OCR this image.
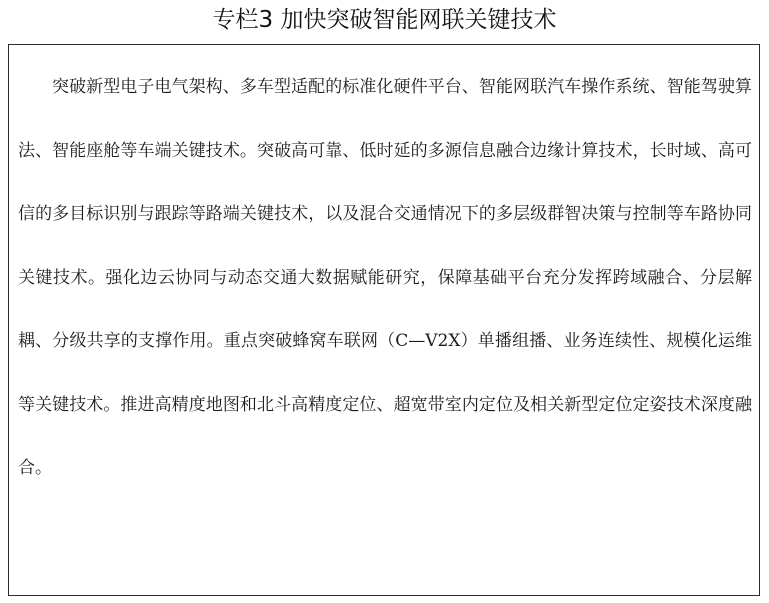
专栏3 加快突破智能网联关键技术

突破新型电子电气架构、多车型适配的标准化硬件平台、智能网联汽车操作系统、智能驾驶算法、智能座舱等车端关键技术。突破高可靠、低时延的多源信息融合边缘计算技术，长时域、高可信的多目标识别与跟踪等路端关键技术，以及混合交通情况下的多层级群智决策与控制等车路协同关键技术。强化边云协同与动态交通大数据赋能研究，保障基础平台充分发挥跨域融合、分层解耦、分级共享的支撑作用。重点突破蜂窝车联网（C—V2X）单播组播、业务连续性、规模化运维等关键技术。推进高精度地图和北斗高精度定位、超宽带室内定位及相关新型定位定姿技术深度融合。
